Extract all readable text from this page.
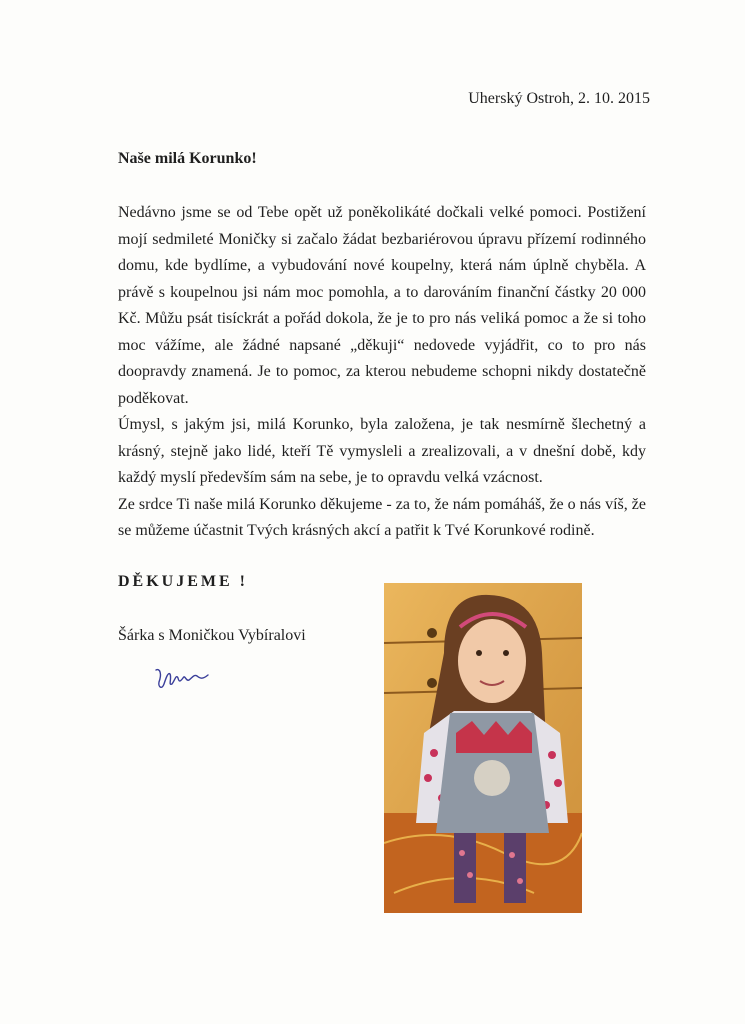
Uherský Ostroh, 2. 10. 2015
Naše milá Korunko!

Nedávno jsme se od Tebe opět už poněkolikáté dočkali velké pomoci. Postižení mojí sedmileté Moničky si začalo žádat bezbariérovou úpravu přízemí rodinného domu, kde bydlíme, a vybudování nové koupelny, která nám úplně chyběla. A právě s koupelnou jsi nám moc pomohla, a to darováním finanční částky 20 000 Kč. Můžu psát tisíckrát a pořád dokola, že je to pro nás veliká pomoc a že si toho moc vážíme, ale žádné napsané „děkuji“ nedovede vyjádřit, co to pro nás doopravdy znamená. Je to pomoc, za kterou nebudeme schopni nikdy dostatečně poděkovat.

Úmysl, s jakým jsi, milá Korunko, byla založena, je tak nesmírně šlechetný a krásný, stejně jako lidé, kteří Tě vymysleli a zrealizovali, a v dnešní době, kdy každý myslí především sám na sebe, je to opravdu velká vzácnost.

Ze srdce Ti naše milá Korunko děkujeme - za to, že nám pomáháš, že o nás víš, že se můžeme účastnit Tvých krásných akcí a patřit k Tvé Korunkové rodině.

DĚKUJEME !
Šárka s Moničkou Vybíralovi
